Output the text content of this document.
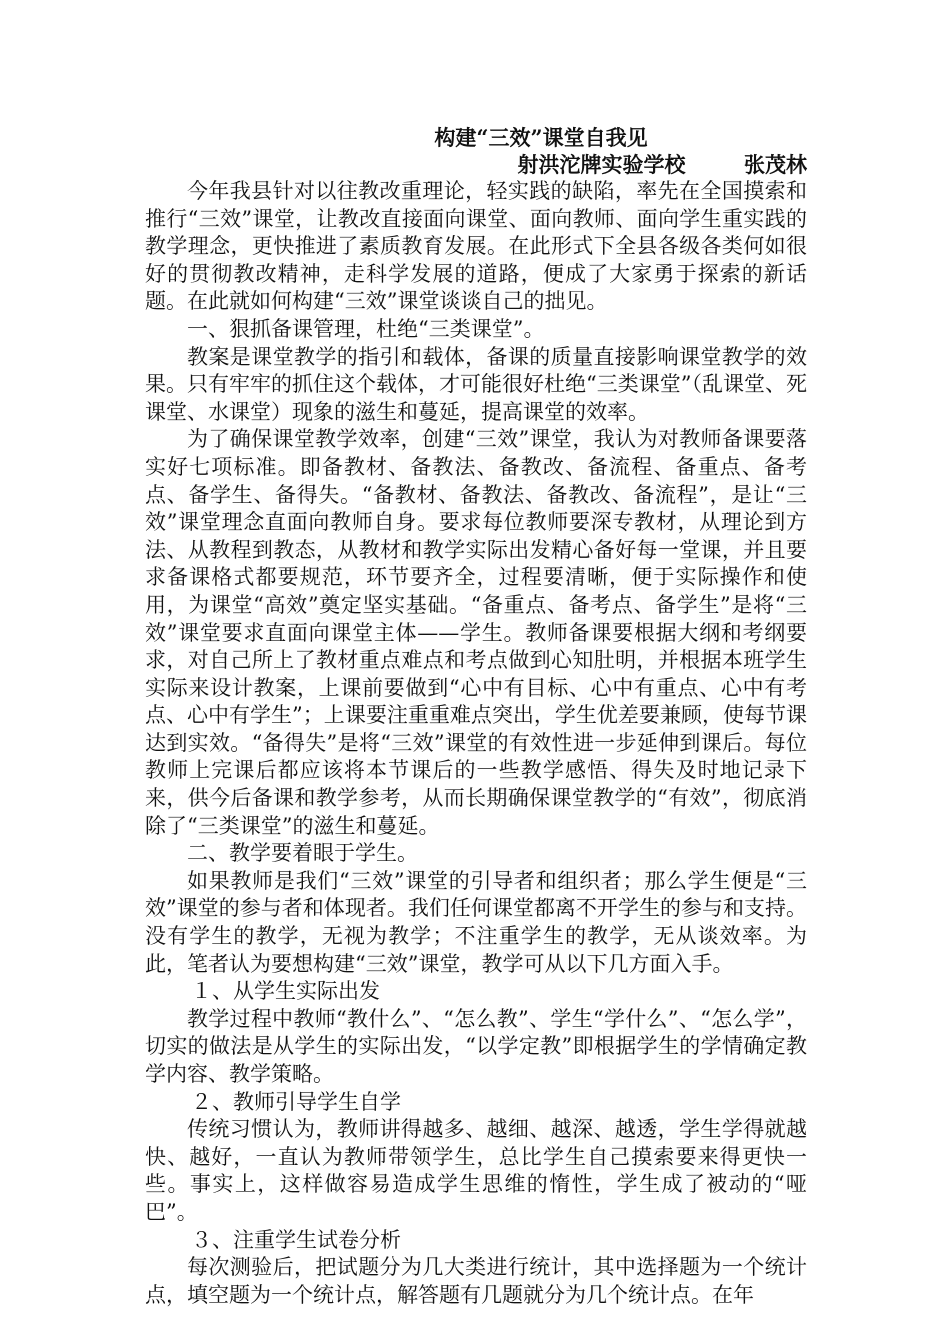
构建“三效”课堂自我见

射洪沱牌实验学校        张茂林

今年我县针对以往教改重理论，轻实践的缺陷，率先在全国摸索和推行“三效”课堂，让教改直接面向课堂、面向教师、面向学生重实践的教学理念，更快推进了素质教育发展。在此形式下全县各级各类何如很好的贯彻教改精神，走科学发展的道路，便成了大家勇于探索的新话题。在此就如何构建“三效”课堂谈谈自己的拙见。

一、狠抓备课管理，杜绝“三类课堂”。

教案是课堂教学的指引和载体，备课的质量直接影响课堂教学的效果。只有牢牢的抓住这个载体，才可能很好杜绝“三类课堂”（乱课堂、死课堂、水课堂）现象的滋生和蔓延，提高课堂的效率。

为了确保课堂教学效率，创建“三效”课堂，我认为对教师备课要落实好七项标准。即备教材、备教法、备教改、备流程、备重点、备考点、备学生、备得失。“备教材、备教法、备教改、备流程”，是让“三效”课堂理念直面向教师自身。要求每位教师要深专教材，从理论到方法、从教程到教态，从教材和教学实际出发精心备好每一堂课，并且要求备课格式都要规范，环节要齐全，过程要清晰，便于实际操作和使用，为课堂“高效”奠定坚实基础。“备重点、备考点、备学生”是将“三效”课堂要求直面向课堂主体——学生。教师备课要根据大纲和考纲要求，对自己所上了教材重点难点和考点做到心知肚明，并根据本班学生实际来设计教案，上课前要做到“心中有目标、心中有重点、心中有考点、心中有学生”；上课要注重重难点突出，学生优差要兼顾，使每节课达到实效。“备得失”是将“三效”课堂的有效性进一步延伸到课后。每位教师上完课后都应该将本节课后的一些教学感悟、得失及时地记录下来，供今后备课和教学参考，从而长期确保课堂教学的“有效”，彻底消除了“三类课堂”的滋生和蔓延。

二、教学要着眼于学生。

如果教师是我们“三效”课堂的引导者和组织者；那么学生便是“三效”课堂的参与者和体现者。我们任何课堂都离不开学生的参与和支持。没有学生的教学，无视为教学；不注重学生的教学，无从谈效率。为此，笔者认为要想构建“三效”课堂，教学可从以下几方面入手。

１、从学生实际出发

教学过程中教师“教什么”、“怎么教”、学生“学什么”、“怎么学”，切实的做法是从学生的实际出发，“以学定教”即根据学生的学情确定教学内容、教学策略。

２、教师引导学生自学

传统习惯认为，教师讲得越多、越细、越深、越透，学生学得就越快、越好，一直认为教师带领学生，总比学生自己摸索要来得更快一些。事实上，这样做容易造成学生思维的惰性，学生成了被动的“哑巴”。

３、注重学生试卷分析

每次测验后，把试题分为几大类进行统计，其中选择题为一个统计点，填空题为一个统计点，解答题有几题就分为几个统计点。在年
